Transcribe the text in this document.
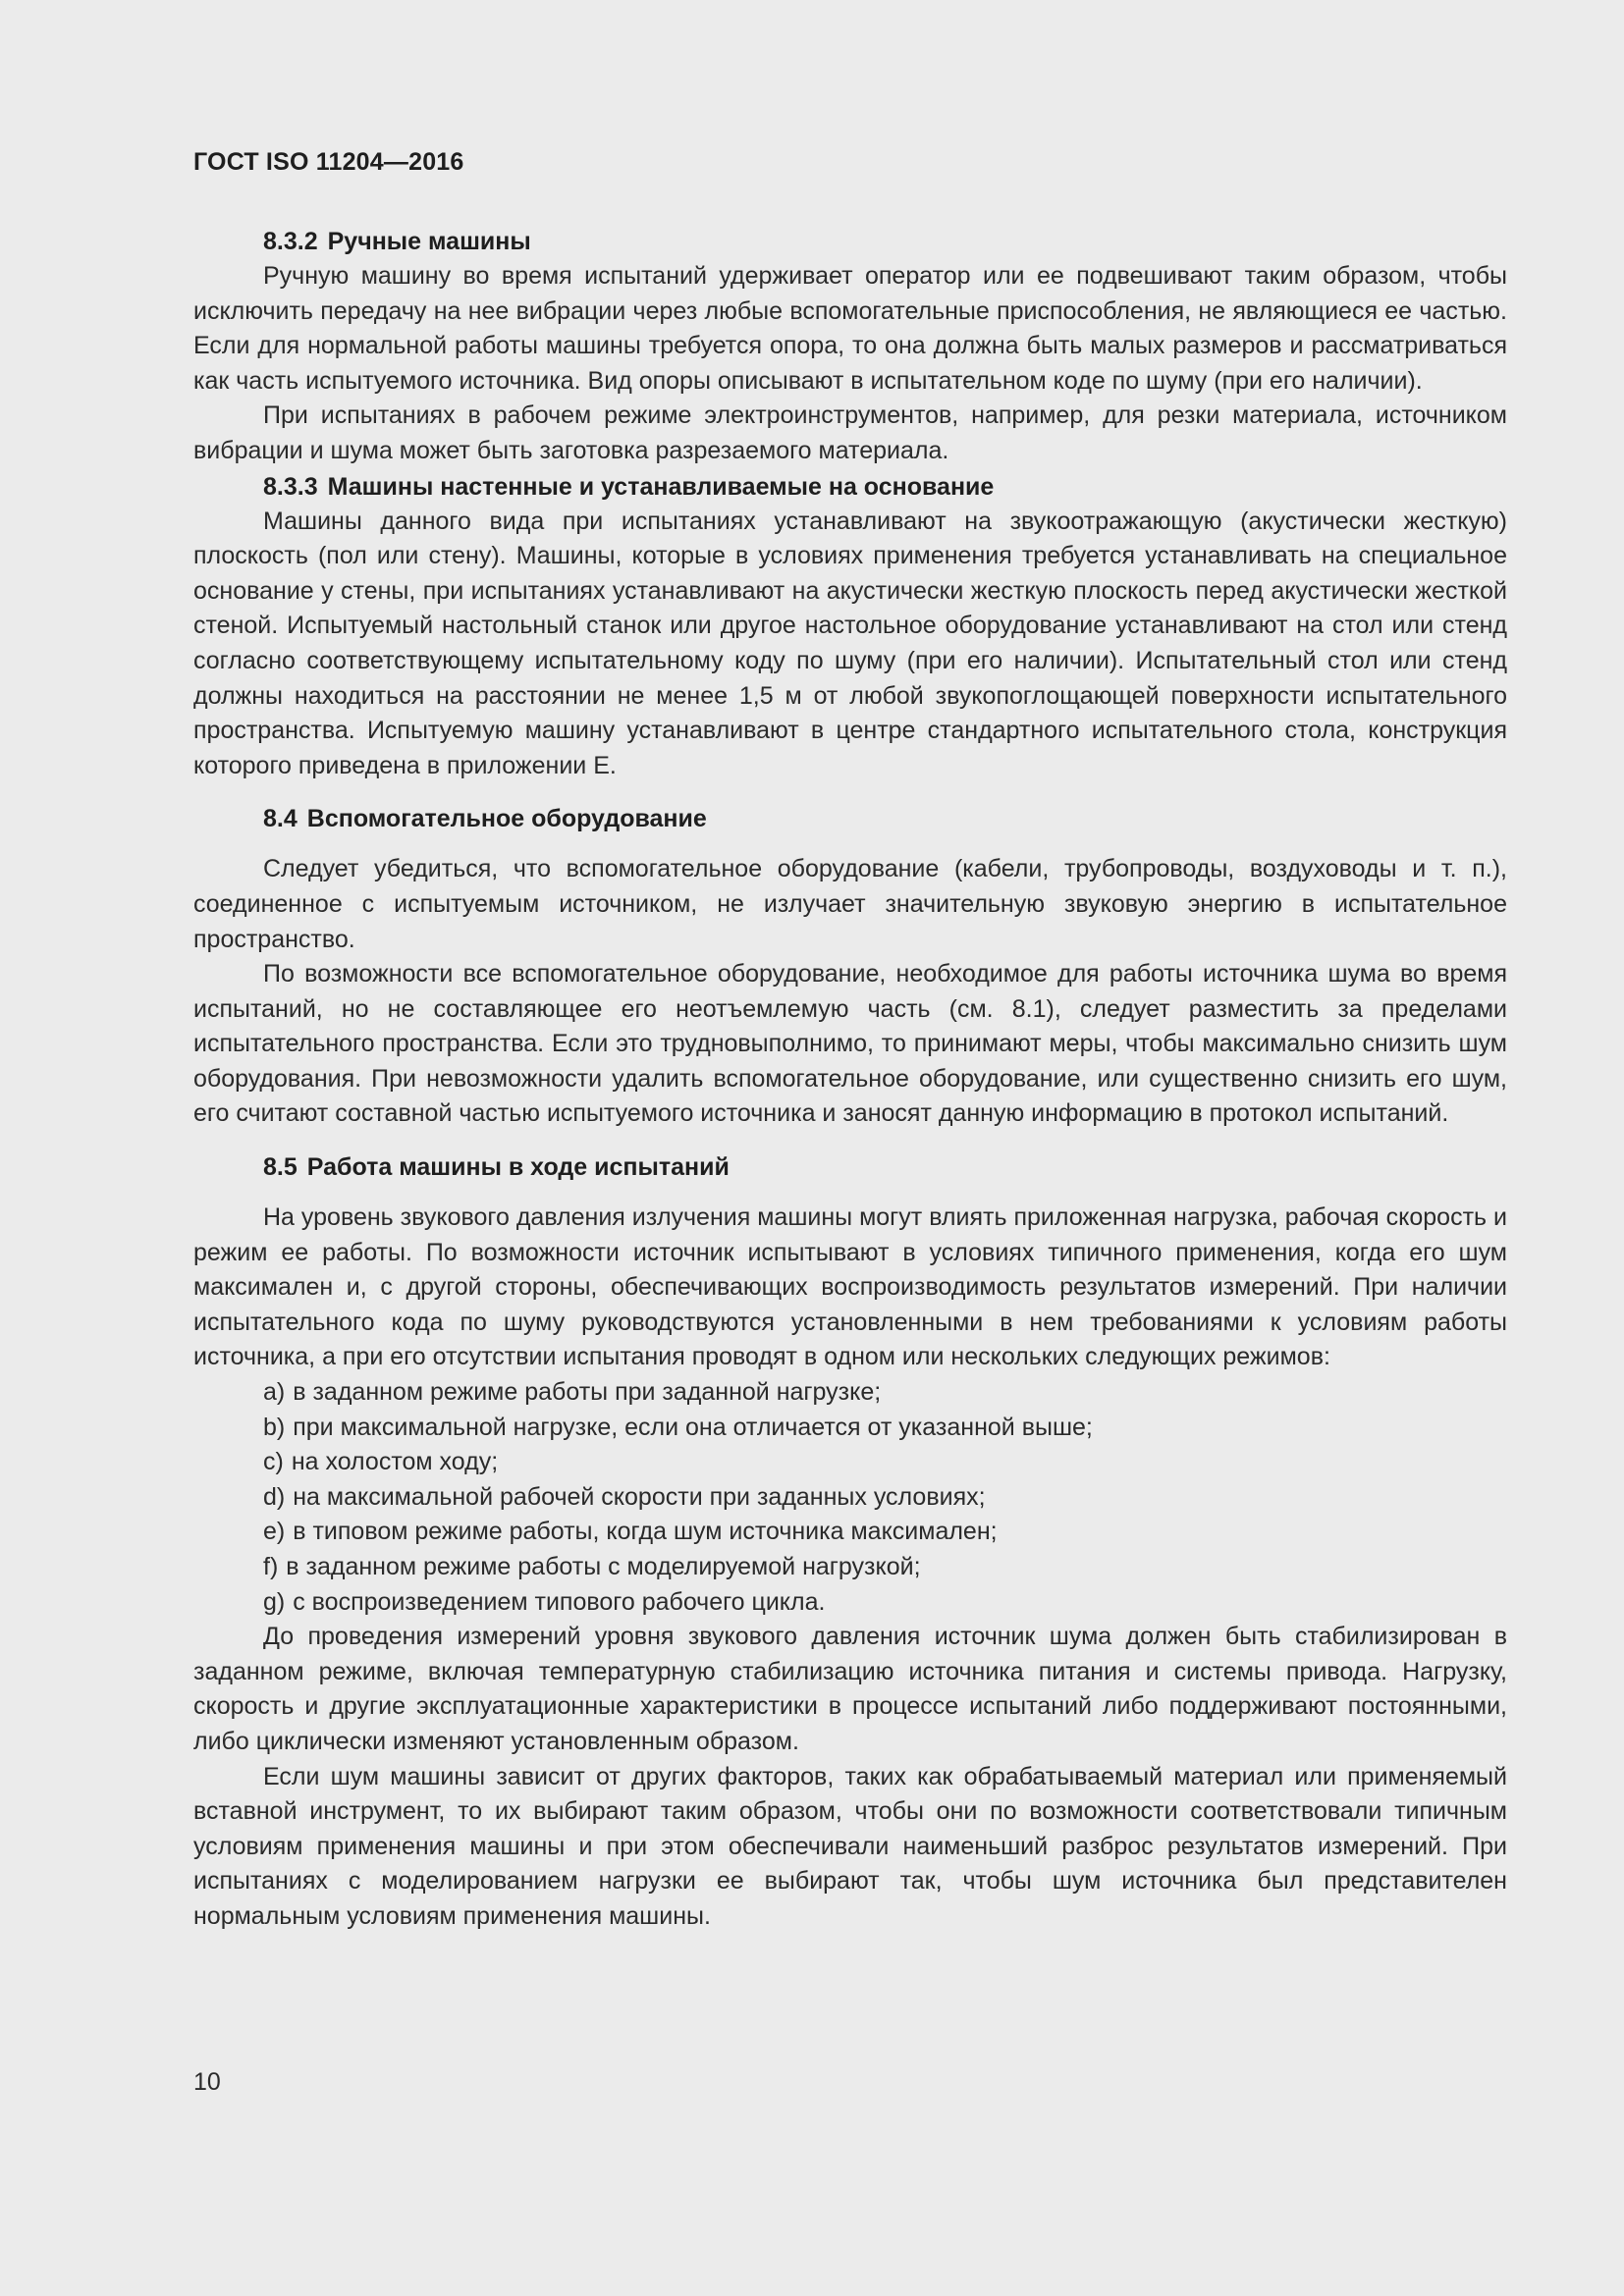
ГОСТ ISO 11204—2016
8.3.2 Ручные машины

Ручную машину во время испытаний удерживает оператор или ее подвешивают таким образом, чтобы исключить передачу на нее вибрации через любые вспомогательные приспособления, не являющиеся ее частью. Если для нормальной работы машины требуется опора, то она должна быть малых размеров и рассматриваться как часть испытуемого источника. Вид опоры описывают в испытательном коде по шуму (при его наличии).

При испытаниях в рабочем режиме электроинструментов, например, для резки материала, источником вибрации и шума может быть заготовка разрезаемого материала.

8.3.3 Машины настенные и устанавливаемые на основание

Машины данного вида при испытаниях устанавливают на звукоотражающую (акустически жесткую) плоскость (пол или стену). Машины, которые в условиях применения требуется устанавливать на специальное основание у стены, при испытаниях устанавливают на акустически жесткую плоскость перед акустически жесткой стеной. Испытуемый настольный станок или другое настольное оборудование устанавливают на стол или стенд согласно соответствующему испытательному коду по шуму (при его наличии). Испытательный стол или стенд должны находиться на расстоянии не менее 1,5 м от любой звукопоглощающей поверхности испытательного пространства. Испытуемую машину устанавливают в центре стандартного испытательного стола, конструкция которого приведена в приложении Е.

8.4 Вспомогательное оборудование

Следует убедиться, что вспомогательное оборудование (кабели, трубопроводы, воздуховоды и т. п.), соединенное с испытуемым источником, не излучает значительную звуковую энергию в испытательное пространство.

По возможности все вспомогательное оборудование, необходимое для работы источника шума во время испытаний, но не составляющее его неотъемлемую часть (см. 8.1), следует разместить за пределами испытательного пространства. Если это трудновыполнимо, то принимают меры, чтобы максимально снизить шум оборудования. При невозможности удалить вспомогательное оборудование, или существенно снизить его шум, его считают составной частью испытуемого источника и заносят данную информацию в протокол испытаний.

8.5 Работа машины в ходе испытаний

На уровень звукового давления излучения машины могут влиять приложенная нагрузка, рабочая скорость и режим ее работы. По возможности источник испытывают в условиях типичного применения, когда его шум максимален и, с другой стороны, обеспечивающих воспроизводимость результатов измерений. При наличии испытательного кода по шуму руководствуются установленными в нем требованиями к условиям работы источника, а при его отсутствии испытания проводят в одном или нескольких следующих режимов:

a) в заданном режиме работы при заданной нагрузке;
b) при максимальной нагрузке, если она отличается от указанной выше;
c) на холостом ходу;
d) на максимальной рабочей скорости при заданных условиях;
e) в типовом режиме работы, когда шум источника максимален;
f) в заданном режиме работы с моделируемой нагрузкой;
g) с воспроизведением типового рабочего цикла.

До проведения измерений уровня звукового давления источник шума должен быть стабилизирован в заданном режиме, включая температурную стабилизацию источника питания и системы привода. Нагрузку, скорость и другие эксплуатационные характеристики в процессе испытаний либо поддерживают постоянными, либо циклически изменяют установленным образом.

Если шум машины зависит от других факторов, таких как обрабатываемый материал или применяемый вставной инструмент, то их выбирают таким образом, чтобы они по возможности соответствовали типичным условиям применения машины и при этом обеспечивали наименьший разброс результатов измерений. При испытаниях с моделированием нагрузки ее выбирают так, чтобы шум источника был представителен нормальным условиям применения машины.

10
